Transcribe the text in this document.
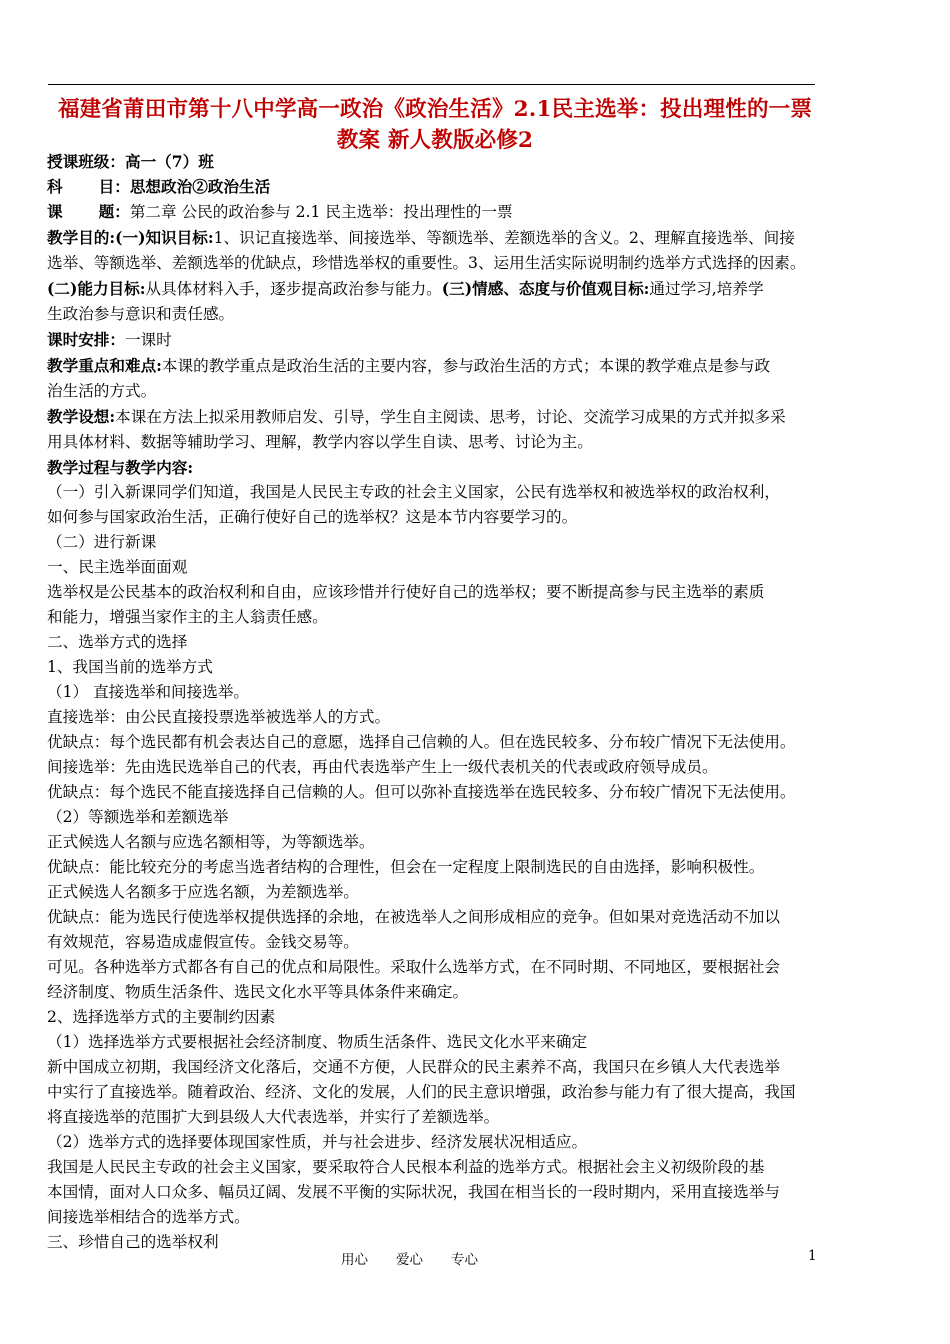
福建省莆田市第十八中学高一政治《政治生活》2.1民主选举：投出理性的一票
教案 新人教版必修2
授课班级：高一（7）班
科 目：思想政治②政治生活
课 题：第二章 公民的政治参与 2.1 民主选举：投出理性的一票
教学目的:(一)知识目标:1、识记直接选举、间接选举、等额选举、差额选举的含义。2、理解直接选举、间接
选举、等额选举、差额选举的优缺点，珍惜选举权的重要性。3、运用生活实际说明制约选举方式选择的因素。
(二)能力目标:从具体材料入手，逐步提高政治参与能力。(三)情感、态度与价值观目标:通过学习,培养学
生政治参与意识和责任感。
课时安排：一课时
教学重点和难点:本课的教学重点是政治生活的主要内容，参与政治生活的方式；本课的教学难点是参与政
治生活的方式。
教学设想:本课在方法上拟采用教师启发、引导，学生自主阅读、思考，讨论、交流学习成果的方式并拟多采
用具体材料、数据等辅助学习、理解，教学内容以学生自读、思考、讨论为主。
教学过程与教学内容:
（一）引入新课同学们知道，我国是人民民主专政的社会主义国家，公民有选举权和被选举权的政治权利，
如何参与国家政治生活，正确行使好自己的选举权？这是本节内容要学习的。
（二）进行新课
一、民主选举面面观
选举权是公民基本的政治权利和自由，应该珍惜并行使好自己的选举权；要不断提高参与民主选举的素质
和能力，增强当家作主的主人翁责任感。
二、选举方式的选择
1、我国当前的选举方式
（1） 直接选举和间接选举。
直接选举：由公民直接投票选举被选举人的方式。
优缺点：每个选民都有机会表达自己的意愿，选择自己信赖的人。但在选民较多、分布较广情况下无法使用。
间接选举：先由选民选举自己的代表，再由代表选举产生上一级代表机关的代表或政府领导成员。
优缺点：每个选民不能直接选择自己信赖的人。但可以弥补直接选举在选民较多、分布较广情况下无法使用。
（2）等额选举和差额选举
正式候选人名额与应选名额相等，为等额选举。
优缺点：能比较充分的考虑当选者结构的合理性，但会在一定程度上限制选民的自由选择，影响积极性。
正式候选人名额多于应选名额，为差额选举。
优缺点：能为选民行使选举权提供选择的余地，在被选举人之间形成相应的竞争。但如果对竞选活动不加以
有效规范，容易造成虚假宣传。金钱交易等。
可见。各种选举方式都各有自己的优点和局限性。采取什么选举方式，在不同时期、不同地区，要根据社会
经济制度、物质生活条件、选民文化水平等具体条件来确定。
2、选择选举方式的主要制约因素
（1）选择选举方式要根据社会经济制度、物质生活条件、选民文化水平来确定
新中国成立初期，我国经济文化落后，交通不方便，人民群众的民主素养不高，我国只在乡镇人大代表选举
中实行了直接选举。随着政治、经济、文化的发展，人们的民主意识增强，政治参与能力有了很大提高，我国
将直接选举的范围扩大到县级人大代表选举，并实行了差额选举。
（2）选举方式的选择要体现国家性质，并与社会进步、经济发展状况相适应。
我国是人民民主专政的社会主义国家，要采取符合人民根本利益的选举方式。根据社会主义初级阶段的基
本国情，面对人口众多、幅员辽阔、发展不平衡的实际状况，我国在相当长的一段时期内，采用直接选举与
间接选举相结合的选举方式。
三、珍惜自己的选举权利
用心 爱心 专心	1
